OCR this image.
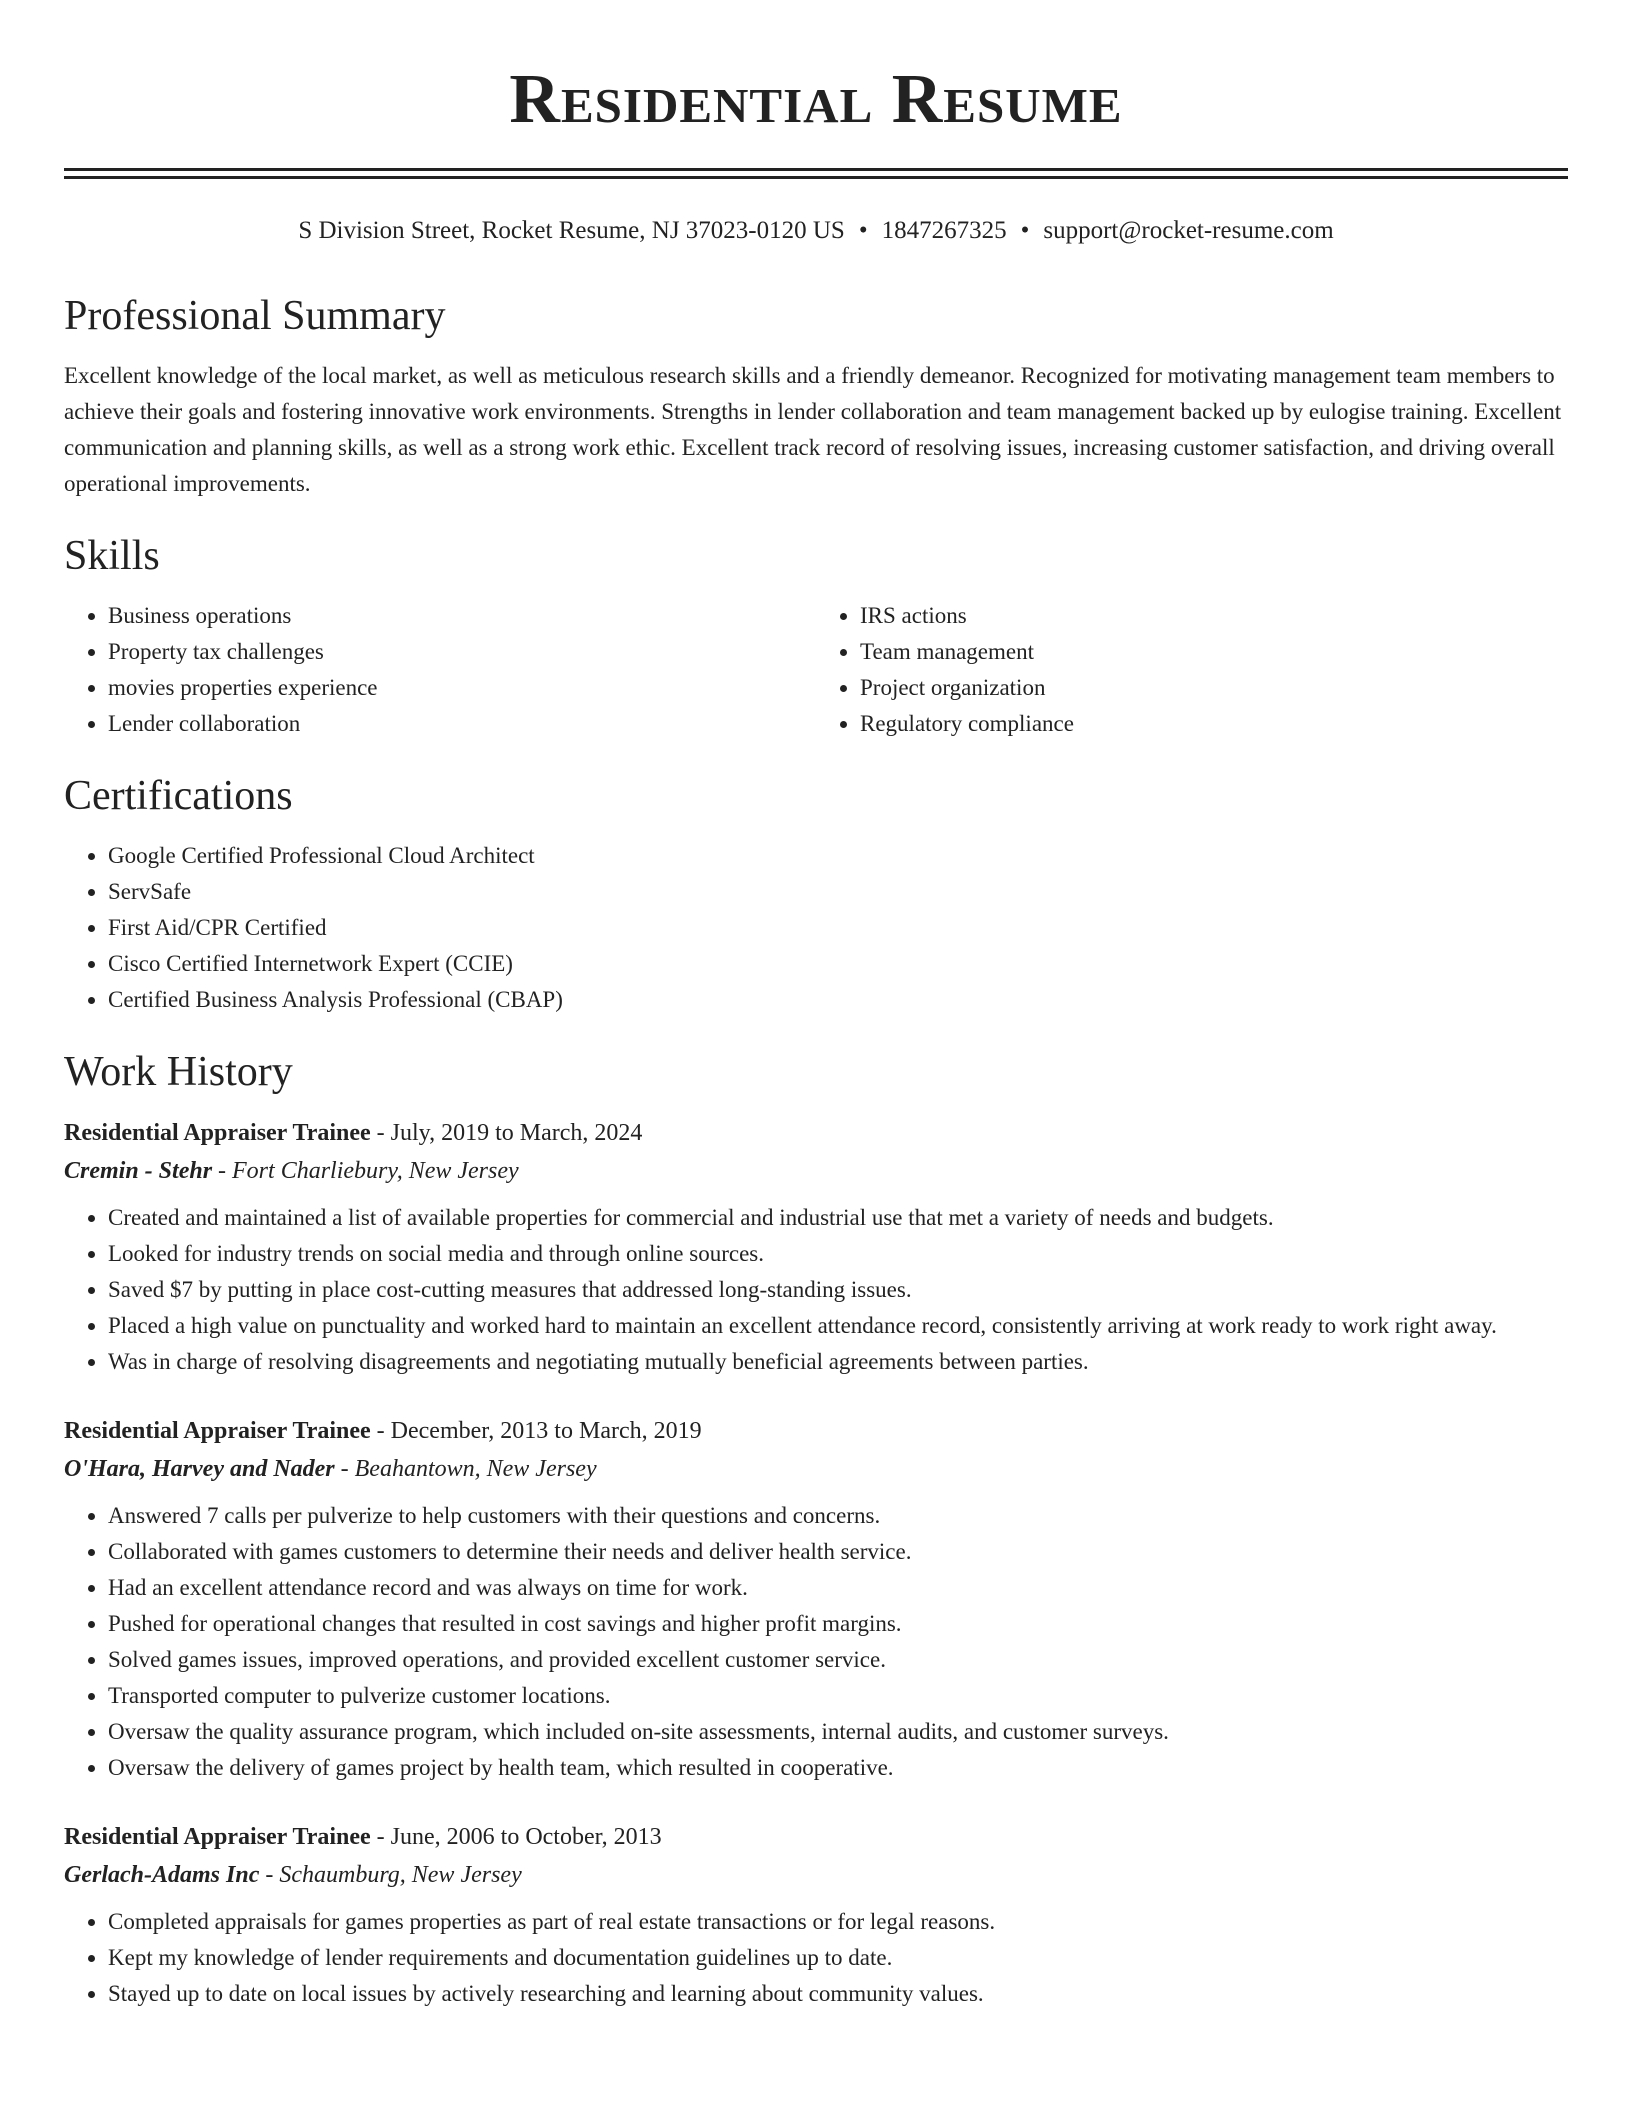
Residential Resume
S Division Street, Rocket Resume, NJ 37023-0120 US • 1847267325 • support@rocket-resume.com
Professional Summary

Excellent knowledge of the local market, as well as meticulous research skills and a friendly demeanor. Recognized for motivating management team members to achieve their goals and fostering innovative work environments. Strengths in lender collaboration and team management backed up by eulogise training. Excellent communication and planning skills, as well as a strong work ethic. Excellent track record of resolving issues, increasing customer satisfaction, and driving overall operational improvements.

Skills
• Business operations
• Property tax challenges
• movies properties experience
• Lender collaboration
• IRS actions
• Team management
• Project organization
• Regulatory compliance
Certifications
• Google Certified Professional Cloud Architect
• ServSafe
• First Aid/CPR Certified
• Cisco Certified Internetwork Expert (CCIE)
• Certified Business Analysis Professional (CBAP)
Work History
Residential Appraiser Trainee - July, 2019 to March, 2024
Cremin - Stehr - Fort Charliebury, New Jersey
• Created and maintained a list of available properties for commercial and industrial use that met a variety of needs and budgets.
• Looked for industry trends on social media and through online sources.
• Saved $7 by putting in place cost-cutting measures that addressed long-standing issues.
• Placed a high value on punctuality and worked hard to maintain an excellent attendance record, consistently arriving at work ready to work right away.
• Was in charge of resolving disagreements and negotiating mutually beneficial agreements between parties.
Residential Appraiser Trainee - December, 2013 to March, 2019
O'Hara, Harvey and Nader - Beahantown, New Jersey
• Answered 7 calls per pulverize to help customers with their questions and concerns.
• Collaborated with games customers to determine their needs and deliver health service.
• Had an excellent attendance record and was always on time for work.
• Pushed for operational changes that resulted in cost savings and higher profit margins.
• Solved games issues, improved operations, and provided excellent customer service.
• Transported computer to pulverize customer locations.
• Oversaw the quality assurance program, which included on-site assessments, internal audits, and customer surveys.
• Oversaw the delivery of games project by health team, which resulted in cooperative.
Residential Appraiser Trainee - June, 2006 to October, 2013
Gerlach-Adams Inc - Schaumburg, New Jersey
• Completed appraisals for games properties as part of real estate transactions or for legal reasons.
• Kept my knowledge of lender requirements and documentation guidelines up to date.
• Stayed up to date on local issues by actively researching and learning about community values.
